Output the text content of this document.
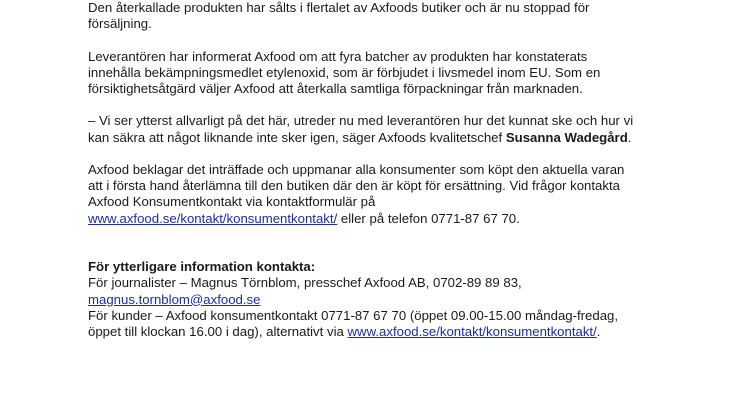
Den återkallade produkten har sålts i flertalet av Axfoods butiker och är nu stoppad för
försäljning.

Leverantören har informerat Axfood om att fyra batcher av produkten har konstaterats
innehålla bekämpningsmedlet etylenoxid, som är förbjudet i livsmedel inom EU. Som en
försiktighetsåtgärd väljer Axfood att återkalla samtliga förpackningar från marknaden.

– Vi ser ytterst allvarligt på det här, utreder nu med leverantören hur det kunnat ske och hur vi
kan säkra att något liknande inte sker igen, säger Axfoods kvalitetschef Susanna Wadegård.

Axfood beklagar det inträffade och uppmanar alla konsumenter som köpt den aktuella varan
att i första hand återlämna till den butiken där den är köpt för ersättning. Vid frågor kontakta
Axfood Konsumentkontakt via kontaktformulär på
www.axfood.se/kontakt/konsumentkontakt/ eller på telefon 0771-87 67 70.

För ytterligare information kontakta:
För journalister – Magnus Törnblom, presschef Axfood AB, 0702-89 89 83,
magnus.tornblom@axfood.se
För kunder – Axfood konsumentkontakt 0771-87 67 70 (öppet 09.00-15.00 måndag-fredag,
öppet till klockan 16.00 i dag), alternativt via www.axfood.se/kontakt/konsumentkontakt/.
